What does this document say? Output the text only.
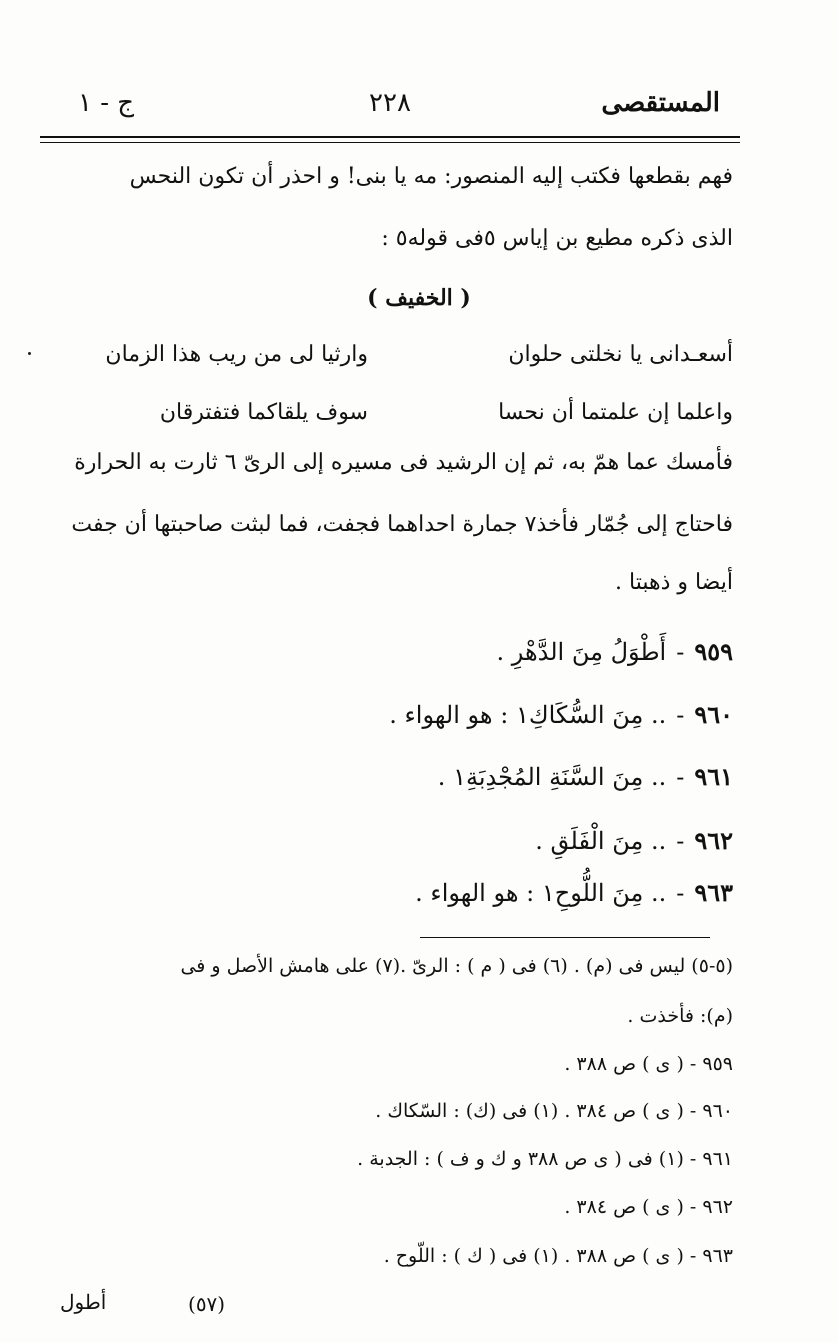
المستقصى
٢٢٨
ج - ١
فهم بقطعها فكتب إليه المنصور: مه يا بنى! و احذر أن تكون النحس
الذى ذكره مطيع بن إياس ٥فى قوله٥ :
( الخفيف )
أسعـدانى يا نخلتى حلوان
وارثيا لى من ريب هذا الزمان
واعلما إن علمتما أن نحسا
سوف يلقاكما فتفترقان
فأمسك عما همّ به، ثم إن الرشيد فى مسيره إلى الرىّ ٦ ثارت به الحرارة
فاحتاج إلى جُمّار فأخذ٧ جمارة احداهما فجفت، فما لبثت صاحبتها أن جفت
أيضا و ذهبتا .
٩٥٩-أَطْوَلُ مِنَ الدَّهْرِ .
٩٦٠-.. مِنَ السُّكَاكِ١ : هو الهواء .
٩٦١-.. مِنَ السَّنَةِ المُجْدِبَةِ١ .
٩٦٢-.. مِنَ الْفَلَقِ .
٩٦٣-.. مِنَ اللُّوحِ١ : هو الهواء .
(٥-٥) ليس فى (م) . (٦) فى ( م ) : الرىّ .(٧) على هامش الأصل و فى
(م): فأخذت .
٩٥٩ - ( ى ) ص ٣٨٨ .
٩٦٠ - ( ى ) ص ٣٨٤ . (١) فى (ك) : السّكاك .
٩٦١ - (١) فى ( ى ص ٣٨٨ و ك و ف ) : الجدبة .
٩٦٢ - ( ى ) ص ٣٨٤ .
٩٦٣ - ( ى ) ص ٣٨٨ . (١) فى ( ك ) : اللّوح .
(٥٧)
أطول
